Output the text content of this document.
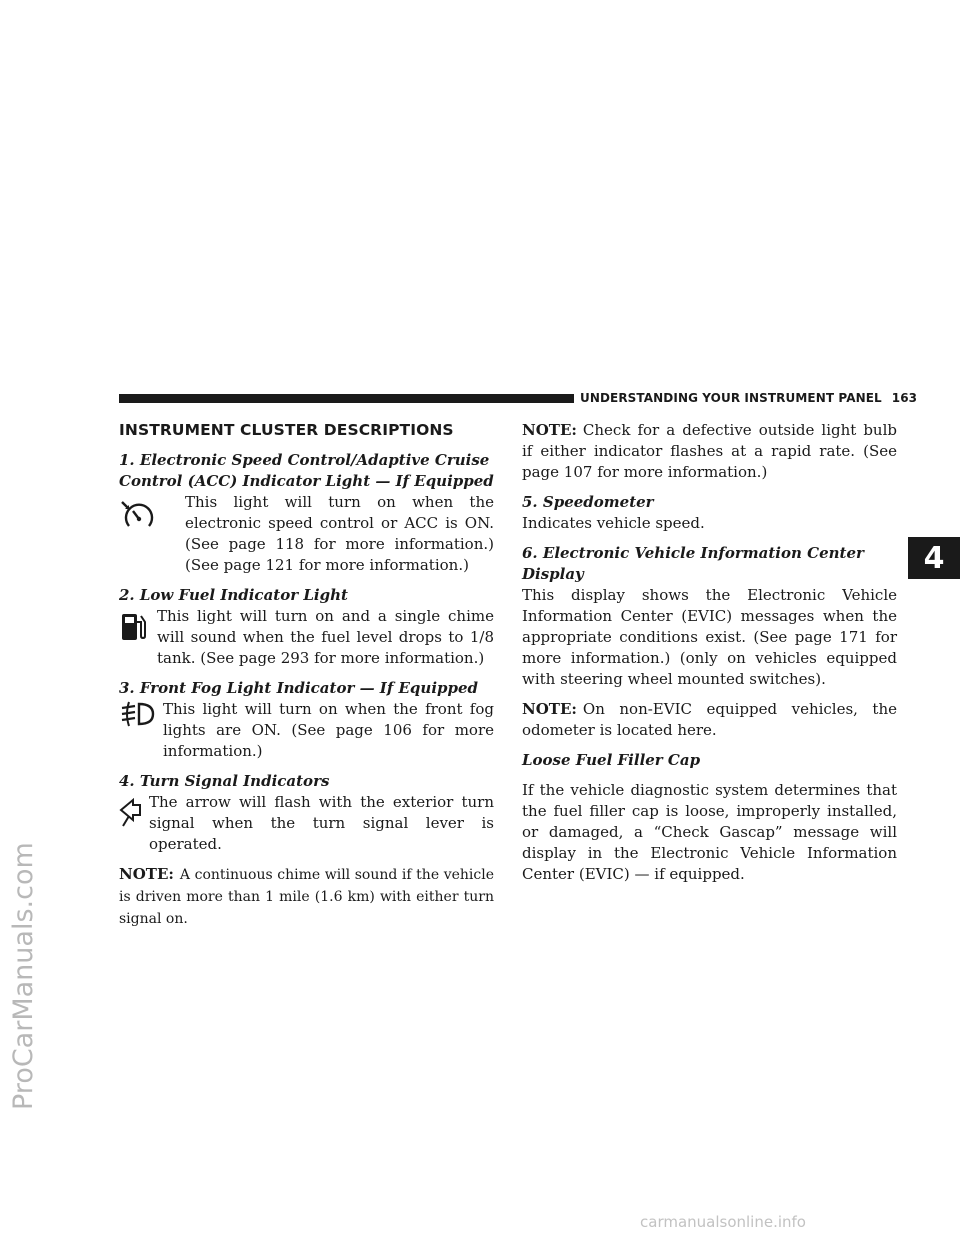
UNDERSTANDING YOUR INSTRUMENT PANEL 163
4
ProCarManuals.com
carmanualsonline.info
INSTRUMENT CLUSTER DESCRIPTIONS

1. Electronic Speed Control/Adaptive Cruise Control (ACC) Indicator Light — If Equipped

This light will turn on when the electronic speed control or ACC is ON. (See page 118 for more information.) (See page 121 for more information.)

2. Low Fuel Indicator Light

This light will turn on and a single chime will sound when the fuel level drops to 1/8 tank. (See page 293 for more information.)

3. Front Fog Light Indicator — If Equipped

This light will turn on when the front fog lights are ON. (See page 106 for more information.)

4. Turn Signal Indicators

The arrow will flash with the exterior turn signal when the turn signal lever is operated.

NOTE: A continuous chime will sound if the vehicle is driven more than 1 mile (1.6 km) with either turn signal on.

NOTE: Check for a defective outside light bulb if either indicator flashes at a rapid rate. (See page 107 for more information.)

5. Speedometer

Indicates vehicle speed.

6. Electronic Vehicle Information Center Display

This display shows the Electronic Vehicle Information Center (EVIC) messages when the appropriate conditions exist. (See page 171 for more information.) (only on vehicles equipped with steering wheel mounted switches).

NOTE: On non-EVIC equipped vehicles, the odometer is located here.

Loose Fuel Filler Cap

If the vehicle diagnostic system determines that the fuel filler cap is loose, improperly installed, or damaged, a “Check Gascap” message will display in the Electronic Vehicle Information Center (EVIC) — if equipped.
